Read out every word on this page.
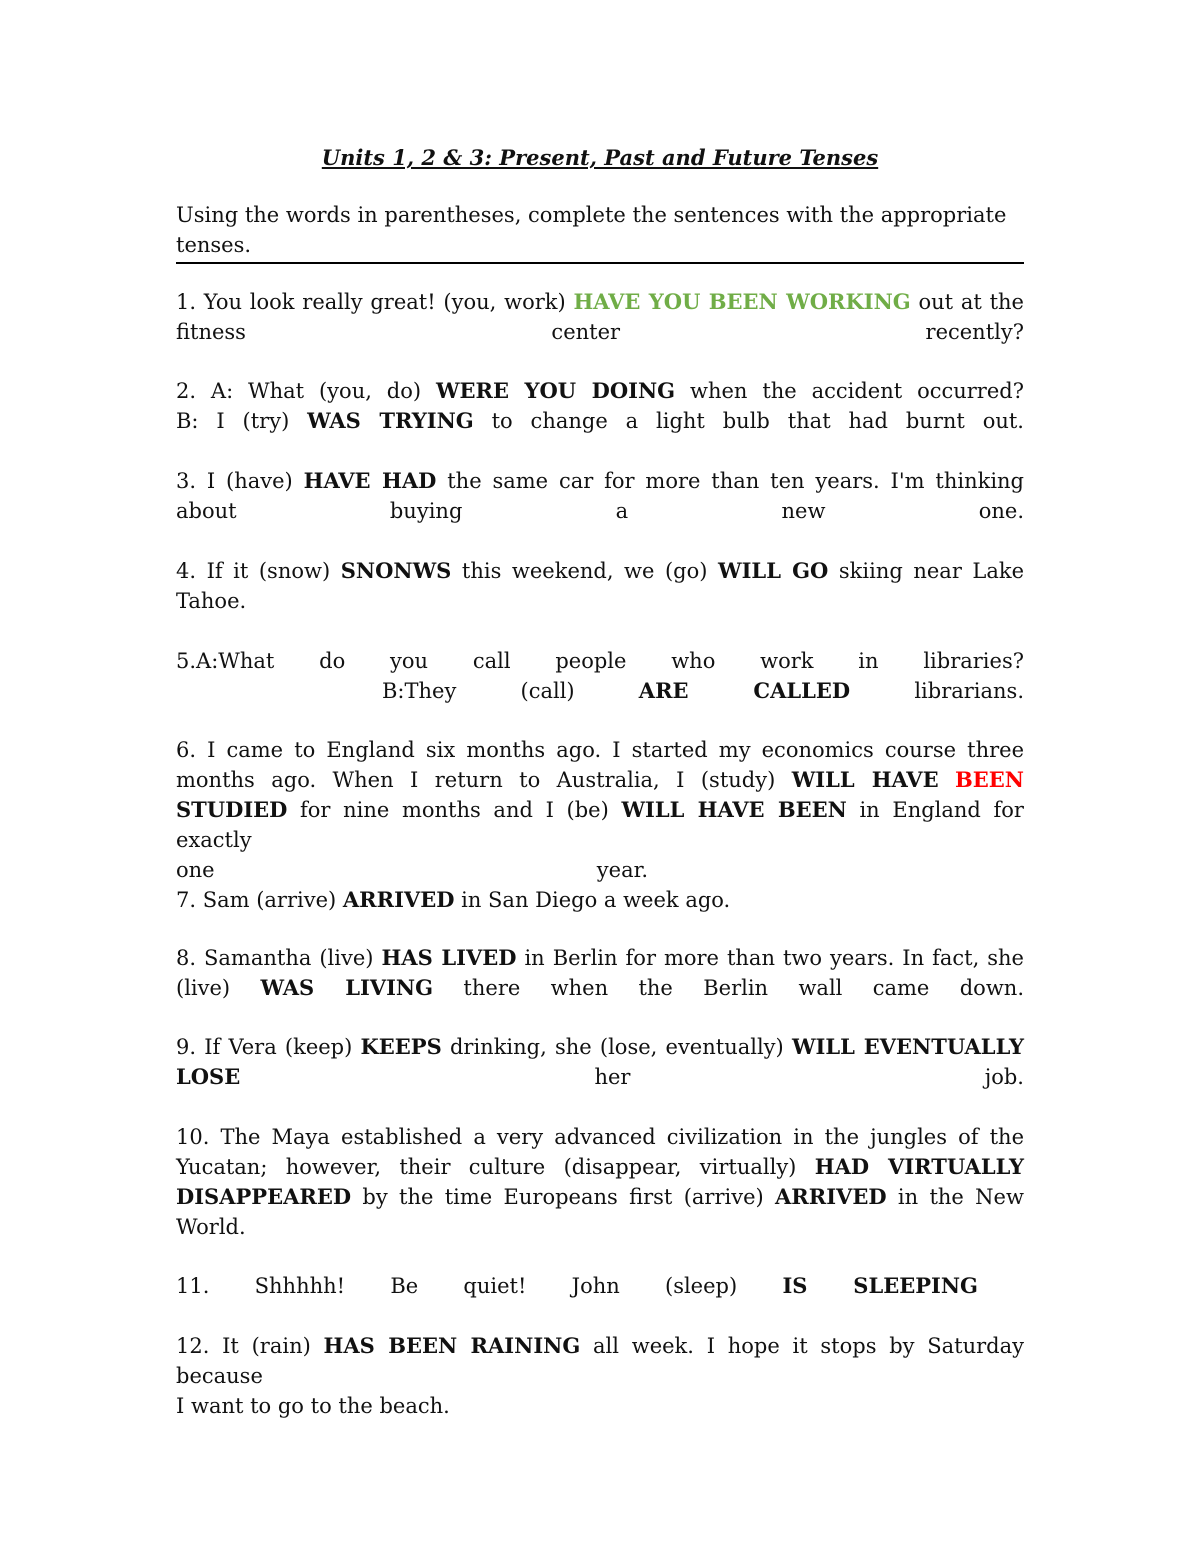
Units 1, 2 & 3: Present, Past and Future Tenses
Using the words in parentheses, complete the sentences with the appropriate tenses.
1. You look really great! (you, work) HAVE YOU BEEN WORKING out at the
fitness center recently?
2. A: What (you, do) WERE YOU DOING when the accident occurred?
B: I (try) WAS TRYING to change a light bulb that had burnt out.
3. I (have) HAVE HAD the same car for more than ten years. I'm thinking
about buying a new one.
4. If it (snow) SNONWS this weekend, we (go) WILL GO skiing near Lake
Tahoe.
5.A:What do you call people who work in libraries?
B:They (call)	ARE CALLED	librarians.
6. I came to England six months ago. I started my economics course three
months ago. When I return to Australia, I (study) WILL HAVE BEEN
STUDIED for nine months and I (be) WILL HAVE BEEN in England for exactly
one year.
7. Sam (arrive) ARRIVED in San Diego a week ago.
8. Samantha (live) HAS LIVED in Berlin for more than two years. In fact, she
(live) WAS LIVING there when the Berlin wall came down.
9. If Vera (keep) KEEPS drinking, she (lose, eventually) WILL EVENTUALLY
LOSE	her job.
10. The Maya established a very advanced civilization in the jungles of the
Yucatan; however, their culture (disappear, virtually) HAD VIRTUALLY
DISAPPEARED by the time Europeans first (arrive) ARRIVED in the New
World.
11. Shhhhh! Be quiet! John (sleep) IS SLEEPING
12. It (rain) HAS BEEN RAINING all week. I hope it stops by Saturday because
I want to go to the beach.
